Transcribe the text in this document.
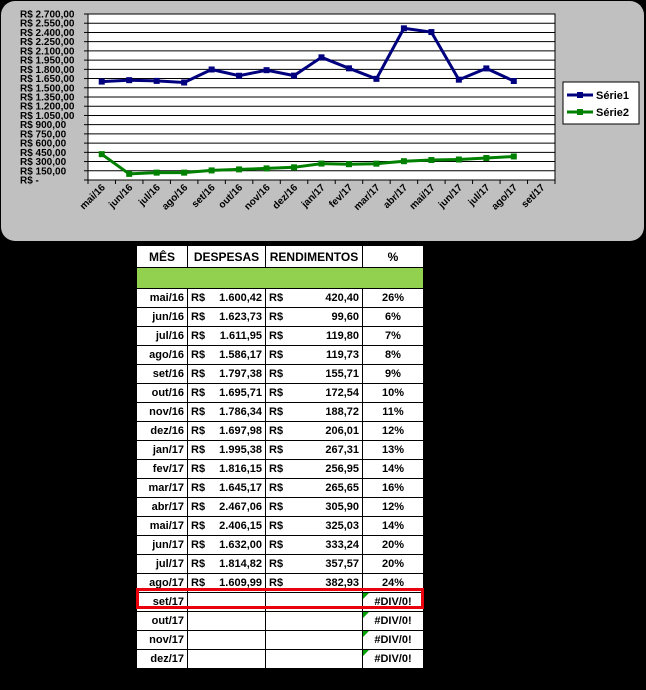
R$ 2.700,00
R$ 2.550,00
R$ 2.400,00
R$ 2.250,00
R$ 2.100,00
R$ 1.950,00
R$ 1.800,00
R$ 1.650,00
R$ 1.500,00
R$ 1.350,00
R$ 1.200,00
R$ 1.050,00
R$ 900,00
R$ 750,00
R$ 600,00
R$ 450,00
R$ 300,00
R$ 150,00
R$ -
mai/16 jun/16 jul/16
ago/16 set/16
out/16
nov/16
dez/16 jan/17 fev/17
mar/17
abr/17
mai/17 jun/17 jul/17
ago/17 set/17
Série1
Série2
MÊS	DESPESAS	RENDIMENTOS	%

mai/16	R$ 1.600,42	R$ 420,40	26%
jun/16	R$ 1.623,73	R$ 99,60	6%
jul/16	R$ 1.611,95	R$ 119,80	7%
ago/16	R$ 1.586,17	R$ 119,73	8%
set/16	R$ 1.797,38	R$ 155,71	9%
out/16	R$ 1.695,71	R$ 172,54	10%
nov/16	R$ 1.786,34	R$ 188,72	11%
dez/16	R$ 1.697,98	R$ 206,01	12%
jan/17	R$ 1.995,38	R$ 267,31	13%
fev/17	R$ 1.816,15	R$ 256,95	14%
mar/17	R$ 1.645,17	R$ 265,65	16%
abr/17	R$ 2.467,06	R$ 305,90	12%
mai/17	R$ 2.406,15	R$ 325,03	14%
jun/17	R$ 1.632,00	R$ 333,24	20%
jul/17	R$ 1.814,82	R$ 357,57	20%
ago/17	R$ 1.609,99	R$ 382,93	24%
set/17			#DIV/0!
out/17			#DIV/0!
nov/17			#DIV/0!
dez/17			#DIV/0!
